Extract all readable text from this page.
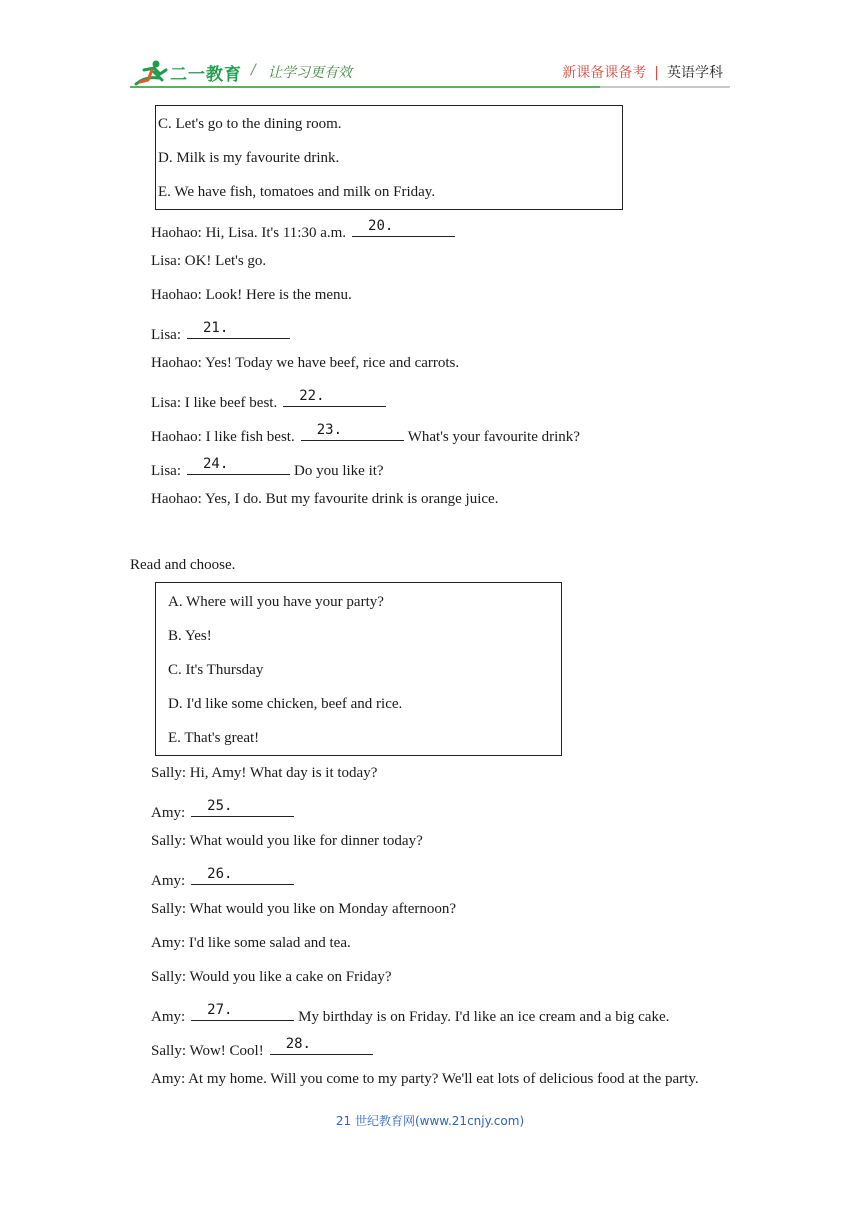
二一教育 / 让学习更有效	新课备课备考 | 英语学科
C. Let's go to the dining room.
D. Milk is my favourite drink.
E. We have fish, tomatoes and milk on Friday.
Haohao: Hi, Lisa. It's 11:30 a.m. 20.
Lisa: OK! Let's go.
Haohao: Look! Here is the menu.
Lisa: 21.
Haohao: Yes! Today we have beef, rice and carrots.
Lisa: I like beef best. 22.
Haohao: I like fish best. 23.	What's your favourite drink?
Lisa: 24.	Do you like it?
Haohao: Yes, I do. But my favourite drink is orange juice.
Read and choose.
A. Where will you have your party?
B. Yes!
C. It's Thursday
D. I'd like some chicken, beef and rice.
E. That's great!
Sally: Hi, Amy! What day is it today?
Amy: 25.
Sally: What would you like for dinner today?
Amy: 26.
Sally: What would you like on Monday afternoon?
Amy: I'd like some salad and tea.
Sally: Would you like a cake on Friday?
Amy: 27.	My birthday is on Friday. I'd like an ice cream and a big cake.
Sally: Wow! Cool! 28.
Amy: At my home. Will you come to my party? We'll eat lots of delicious food at the party.
21 世纪教育网(www.21cnjy.com)
